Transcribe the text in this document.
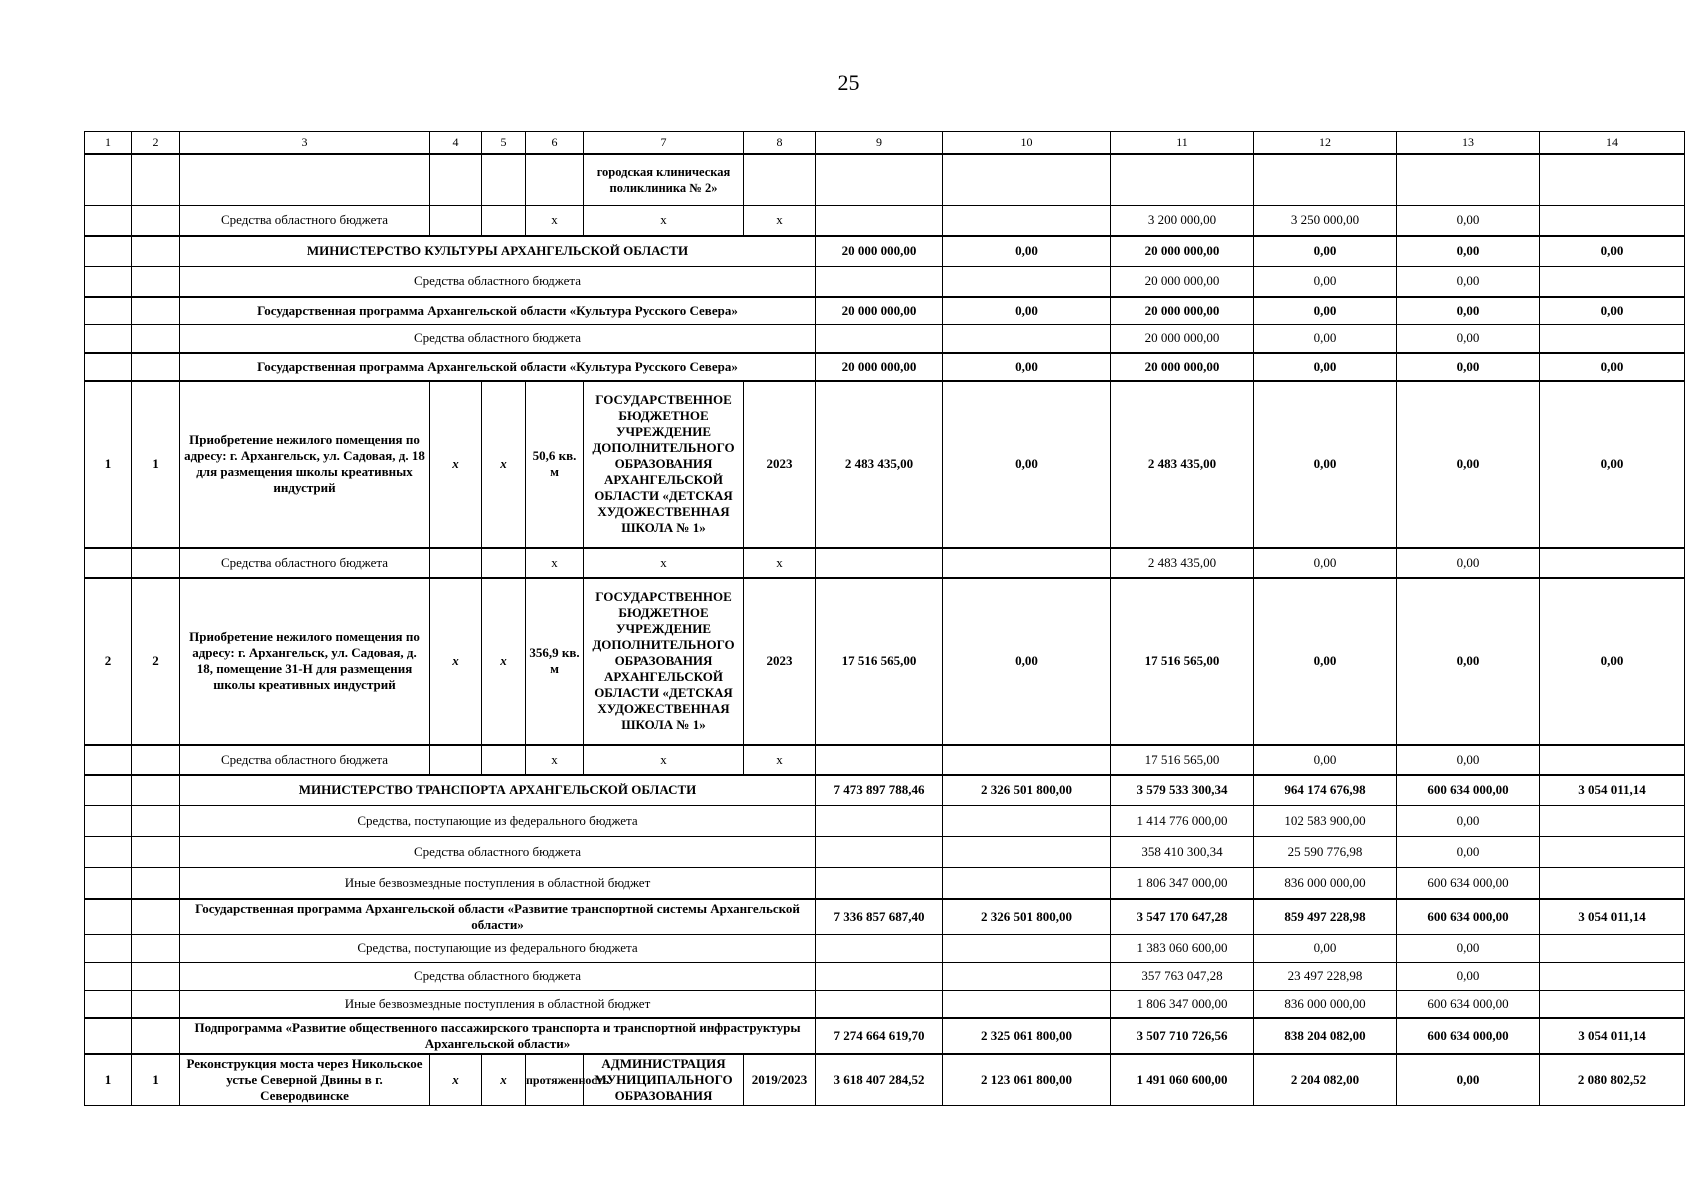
25
1	2	3	4	5	6	7	8	9	10	11	12	13	14
						городская клиническая поликлиника № 2»							
		Средства областного бюджета			x	x	x			3 200 000,00	3 250 000,00	0,00	
		МИНИСТЕРСТВО КУЛЬТУРЫ АРХАНГЕЛЬСКОЙ ОБЛАСТИ						20 000 000,00	0,00	20 000 000,00	0,00	0,00	0,00
		Средства областного бюджета								20 000 000,00	0,00	0,00	
		Государственная программа Архангельской области «Культура Русского Севера»						20 000 000,00	0,00	20 000 000,00	0,00	0,00	0,00
		Средства областного бюджета								20 000 000,00	0,00	0,00	
		Государственная программа Архангельской области «Культура Русского Севера»						20 000 000,00	0,00	20 000 000,00	0,00	0,00	0,00
1	1	Приобретение нежилого помещения по адресу: г. Архангельск, ул. Садовая, д. 18 для размещения школы креативных индустрий	x	x	50,6 кв. м	ГОСУДАРСТВЕННОЕ БЮДЖЕТНОЕ УЧРЕЖДЕНИЕ ДОПОЛНИТЕЛЬНОГО ОБРАЗОВАНИЯ АРХАНГЕЛЬСКОЙ ОБЛАСТИ «ДЕТСКАЯ ХУДОЖЕСТВЕННАЯ ШКОЛА № 1»	2023	2 483 435,00	0,00	2 483 435,00	0,00	0,00	0,00
		Средства областного бюджета			x	x	x			2 483 435,00	0,00	0,00	
2	2	Приобретение нежилого помещения по адресу: г. Архангельск, ул. Садовая, д. 18, помещение 31-Н для размещения школы креативных индустрий	x	x	356,9 кв. м	ГОСУДАРСТВЕННОЕ БЮДЖЕТНОЕ УЧРЕЖДЕНИЕ ДОПОЛНИТЕЛЬНОГО ОБРАЗОВАНИЯ АРХАНГЕЛЬСКОЙ ОБЛАСТИ «ДЕТСКАЯ ХУДОЖЕСТВЕННАЯ ШКОЛА № 1»	2023	17 516 565,00	0,00	17 516 565,00	0,00	0,00	0,00
		Средства областного бюджета			x	x	x			17 516 565,00	0,00	0,00	
		МИНИСТЕРСТВО ТРАНСПОРТА АРХАНГЕЛЬСКОЙ ОБЛАСТИ						7 473 897 788,46	2 326 501 800,00	3 579 533 300,34	964 174 676,98	600 634 000,00	3 054 011,14
		Средства, поступающие из федерального бюджета								1 414 776 000,00	102 583 900,00	0,00	
		Средства областного бюджета								358 410 300,34	25 590 776,98	0,00	
		Иные безвозмездные поступления в областной бюджет								1 806 347 000,00	836 000 000,00	600 634 000,00	
		Государственная программа Архангельской области «Развитие транспортной системы Архангельской области»						7 336 857 687,40	2 326 501 800,00	3 547 170 647,28	859 497 228,98	600 634 000,00	3 054 011,14
		Средства, поступающие из федерального бюджета								1 383 060 600,00	0,00	0,00	
		Средства областного бюджета								357 763 047,28	23 497 228,98	0,00	
		Иные безвозмездные поступления в областной бюджет								1 806 347 000,00	836 000 000,00	600 634 000,00	
		Подпрограмма «Развитие общественного пассажирского транспорта и транспортной инфраструктуры Архангельской области»						7 274 664 619,70	2 325 061 800,00	3 507 710 726,56	838 204 082,00	600 634 000,00	3 054 011,14
1	1	Реконструкция моста через Никольское устье Северной Двины в г. Северодвинске	x	x	протяженность	АДМИНИСТРАЦИЯ МУНИЦИПАЛЬНОГО ОБРАЗОВАНИЯ	2019/2023	3 618 407 284,52	2 123 061 800,00	1 491 060 600,00	2 204 082,00	0,00	2 080 802,52
